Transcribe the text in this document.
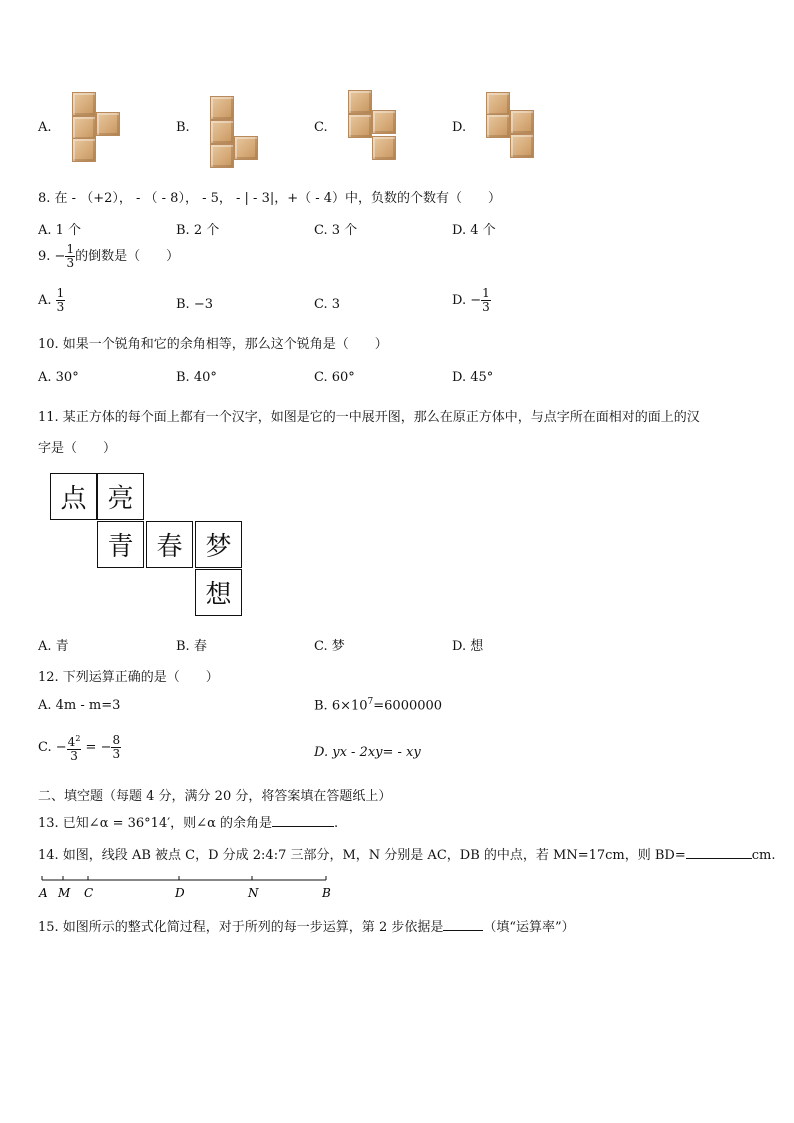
A.	B.	C.	D.
8. 在 - （+2）， - （ - 8）， - 5， - | - 3|，+（ - 4）中，负数的个数有（　　）
A. 1 个	B. 2 个	C. 3 个	D. 4 个
9. − $\frac{1}{3}$ 的倒数是（　　）
A. $\frac{1}{3}$	B. −3	C. 3	D. − $\frac{1}{3}$
10. 如果一个锐角和它的余角相等，那么这个锐角是（　　）
A. 30°	B. 40°	C. 60°	D. 45°
11. 某正方体的每个面上都有一个汉字，如图是它的一中展开图，那么在原正方体中，与点字所在面相对的面上的汉
字是（　　）
点 亮
青 春 梦
想
A. 青	B. 春	C. 梦	D. 想
12. 下列运算正确的是（　　）
A. 4m - m=3	B. $6\times 10^7=6000000$
C. − $\frac{4^2}{3}$ = − $\frac{8}{3}$	D. yx - 2xy= - xy
二、填空题（每题 4 分，满分 20 分，将答案填在答题纸上）
13. 已知∠α = 36°14′，则∠α 的余角是	.
14. 如图，线段 AB 被点 C，D 分成 2:4:7 三部分，M，N 分别是 AC，DB 的中点，若 MN=17cm，则 BD=	cm.
A M C	D	N	B
15. 如图所示的整式化简过程，对于所列的每一步运算，第 2 步依据是	（填“运算率”）
